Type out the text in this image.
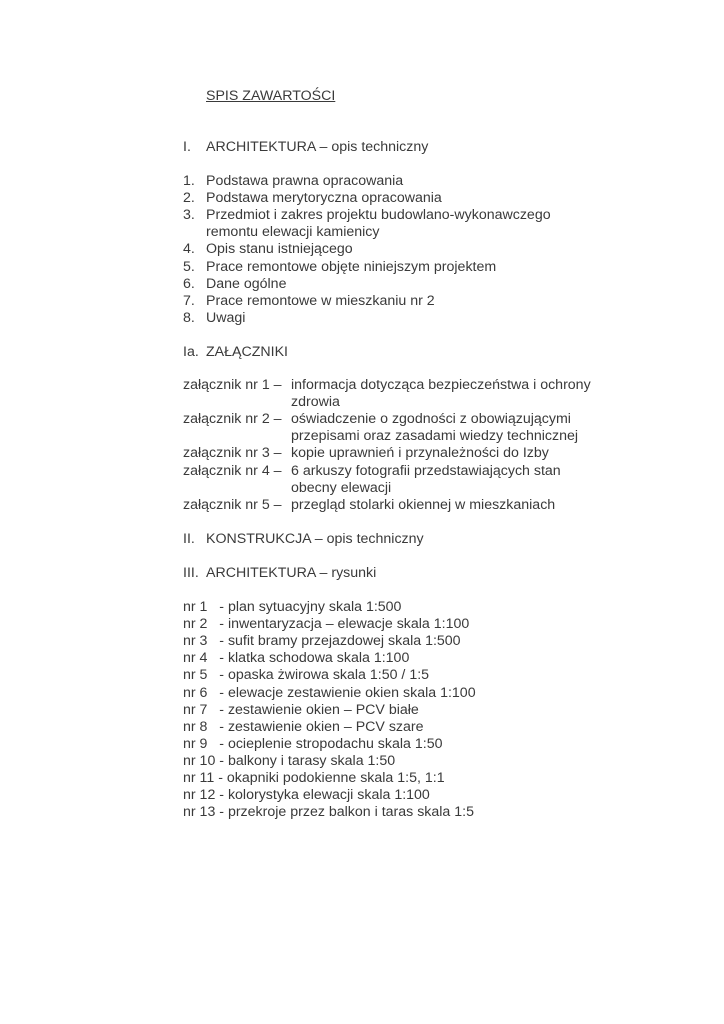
SPIS ZAWARTOŚCI
I. ARCHITEKTURA – opis techniczny
1. Podstawa prawna opracowania
2. Podstawa merytoryczna opracowania
3. Przedmiot i zakres projektu budowlano-wykonawczego
remontu elewacji kamienicy
4. Opis stanu istniejącego
5. Prace remontowe objęte niniejszym projektem
6. Dane ogólne
7. Prace remontowe w mieszkaniu nr 2
8. Uwagi
Ia. ZAŁĄCZNIKI
załącznik nr 1 – informacja dotycząca bezpieczeństwa i ochrony
zdrowia
załącznik nr 2 – oświadczenie o zgodności z obowiązującymi
przepisami oraz zasadami wiedzy technicznej
załącznik nr 3 – kopie uprawnień i przynależności do Izby
załącznik nr 4 – 6 arkuszy fotografii przedstawiających stan
obecny elewacji
załącznik nr 5 – przegląd stolarki okiennej w mieszkaniach
II. KONSTRUKCJA – opis techniczny
III. ARCHITEKTURA – rysunki
nr 1   - plan sytuacyjny skala 1:500
nr 2   - inwentaryzacja – elewacje skala 1:100
nr 3   - sufit bramy przejazdowej skala 1:500
nr 4   - klatka schodowa skala 1:100
nr 5   - opaska żwirowa skala 1:50 / 1:5
nr 6   - elewacje zestawienie okien skala 1:100
nr 7   - zestawienie okien – PCV białe
nr 8   - zestawienie okien – PCV szare
nr 9   - ocieplenie stropodachu skala 1:50
nr 10 - balkony i tarasy skala 1:50
nr 11 - okapniki podokienne skala 1:5, 1:1
nr 12 - kolorystyka elewacji skala 1:100
nr 13 - przekroje przez balkon i taras skala 1:5
